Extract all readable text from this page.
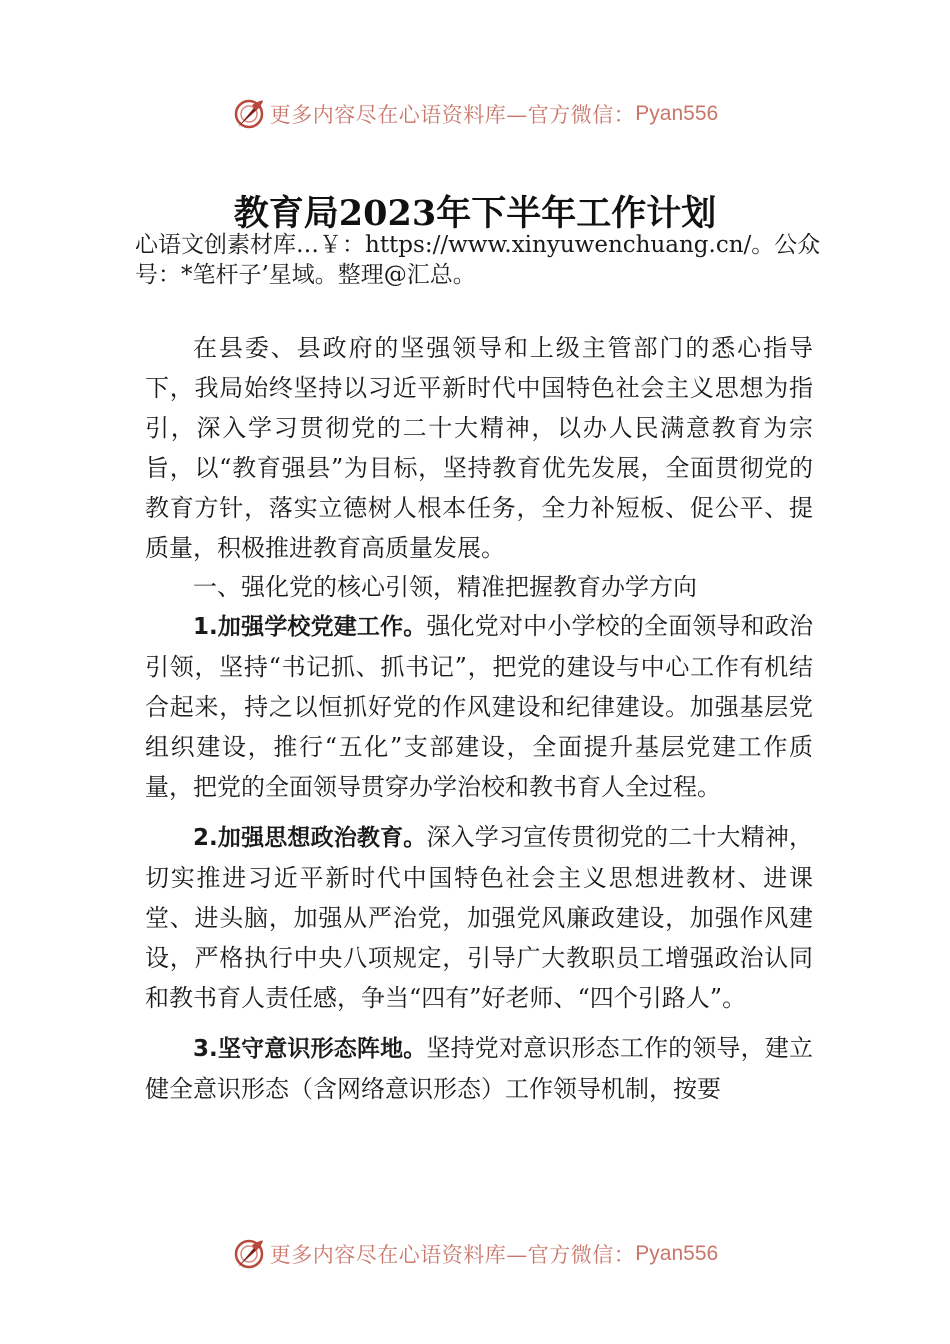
更多内容尽在心语资料库—官方微信： Pyan556
教育局2023年下半年工作计划
心语文创素材库…￥：https://www.xinyuwenchuang.cn/。公众号：*笔杆子’星域。整理@汇总。

在县委、县政府的坚强领导和上级主管部门的悉心指导下，我局始终坚持以习近平新时代中国特色社会主义思想为指引，深入学习贯彻党的二十大精神，以办人民满意教育为宗旨，以“教育强县”为目标，坚持教育优先发展，全面贯彻党的教育方针，落实立德树人根本任务，全力补短板、促公平、提质量，积极推进教育高质量发展。

一、强化党的核心引领，精准把握教育办学方向

1.加强学校党建工作。强化党对中小学校的全面领导和政治引领，坚持“书记抓、抓书记”，把党的建设与中心工作有机结合起来，持之以恒抓好党的作风建设和纪律建设。加强基层党组织建设，推行“五化”支部建设，全面提升基层党建工作质量，把党的全面领导贯穿办学治校和教书育人全过程。

2.加强思想政治教育。深入学习宣传贯彻党的二十大精神，切实推进习近平新时代中国特色社会主义思想进教材、进课堂、进头脑，加强从严治党，加强党风廉政建设，加强作风建设，严格执行中央八项规定，引导广大教职员工增强政治认同和教书育人责任感，争当“四有”好老师、“四个引路人”。

3.坚守意识形态阵地。坚持党对意识形态工作的领导，建立健全意识形态（含网络意识形态）工作领导机制，按要

更多内容尽在心语资料库—官方微信： Pyan556
